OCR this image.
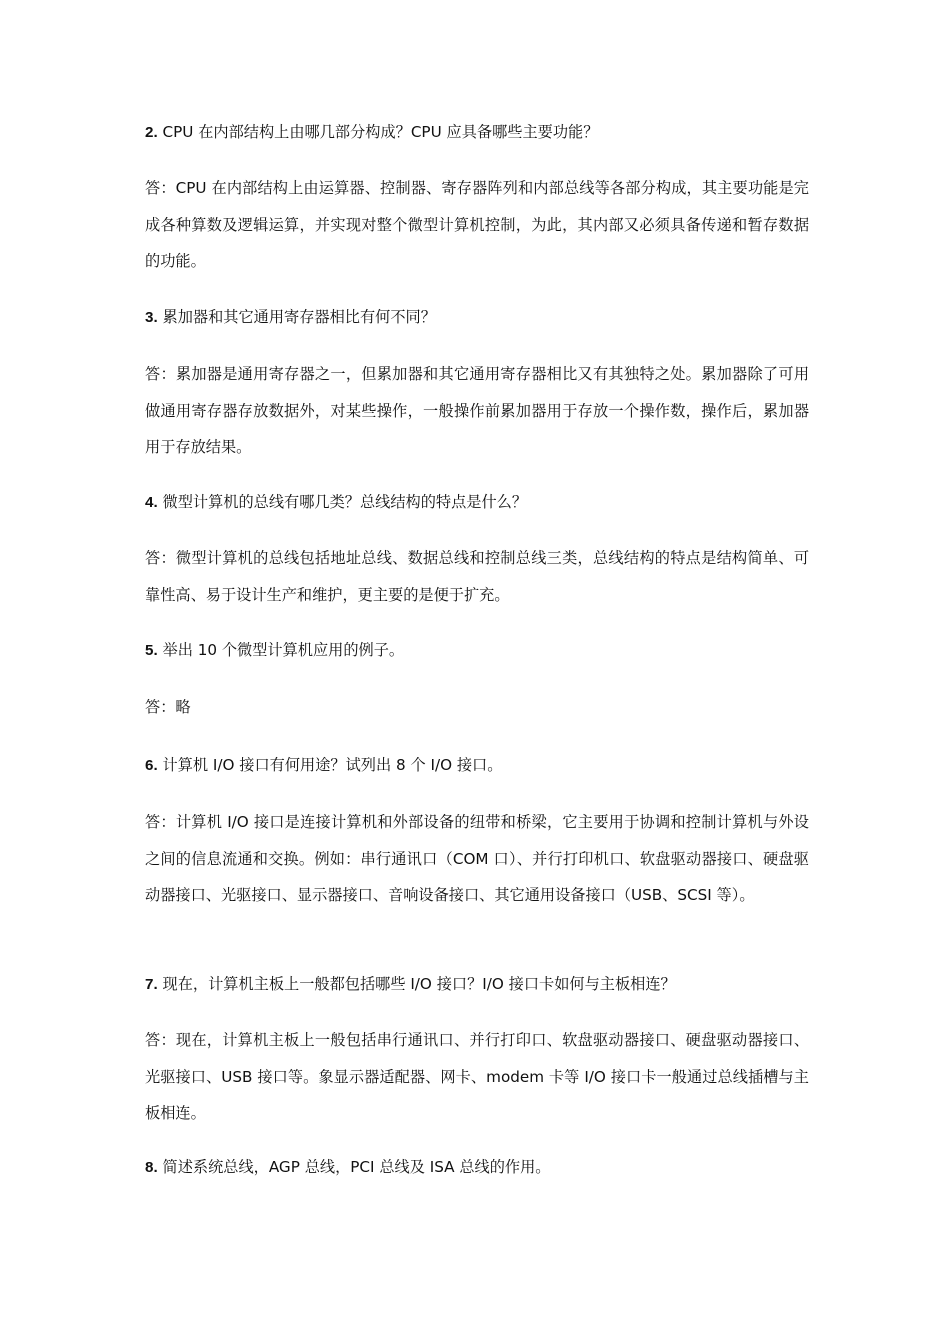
2. CPU 在内部结构上由哪几部分构成？CPU 应具备哪些主要功能？

答：CPU 在内部结构上由运算器、控制器、寄存器阵列和内部总线等各部分构成，其主要功能是完成各种算数及逻辑运算，并实现对整个微型计算机控制，为此，其内部又必须具备传递和暂存数据的功能。

3. 累加器和其它通用寄存器相比有何不同？

答：累加器是通用寄存器之一，但累加器和其它通用寄存器相比又有其独特之处。累加器除了可用做通用寄存器存放数据外，对某些操作，一般操作前累加器用于存放一个操作数，操作后，累加器用于存放结果。

4. 微型计算机的总线有哪几类？总线结构的特点是什么？

答：微型计算机的总线包括地址总线、数据总线和控制总线三类，总线结构的特点是结构简单、可靠性高、易于设计生产和维护，更主要的是便于扩充。

5. 举出 10 个微型计算机应用的例子。

答：略

6. 计算机 I/O 接口有何用途？试列出 8 个 I/O 接口。

答：计算机 I/O 接口是连接计算机和外部设备的纽带和桥梁，它主要用于协调和控制计算机与外设之间的信息流通和交换。例如：串行通讯口（COM 口）、并行打印机口、软盘驱动器接口、硬盘驱动器接口、光驱接口、显示器接口、音响设备接口、其它通用设备接口（USB、SCSI 等）。

7. 现在，计算机主板上一般都包括哪些 I/O 接口？I/O 接口卡如何与主板相连？

答：现在，计算机主板上一般包括串行通讯口、并行打印口、软盘驱动器接口、硬盘驱动器接口、光驱接口、USB 接口等。象显示器适配器、网卡、modem 卡等 I/O 接口卡一般通过总线插槽与主板相连。

8. 简述系统总线，AGP 总线，PCI 总线及 ISA 总线的作用。
